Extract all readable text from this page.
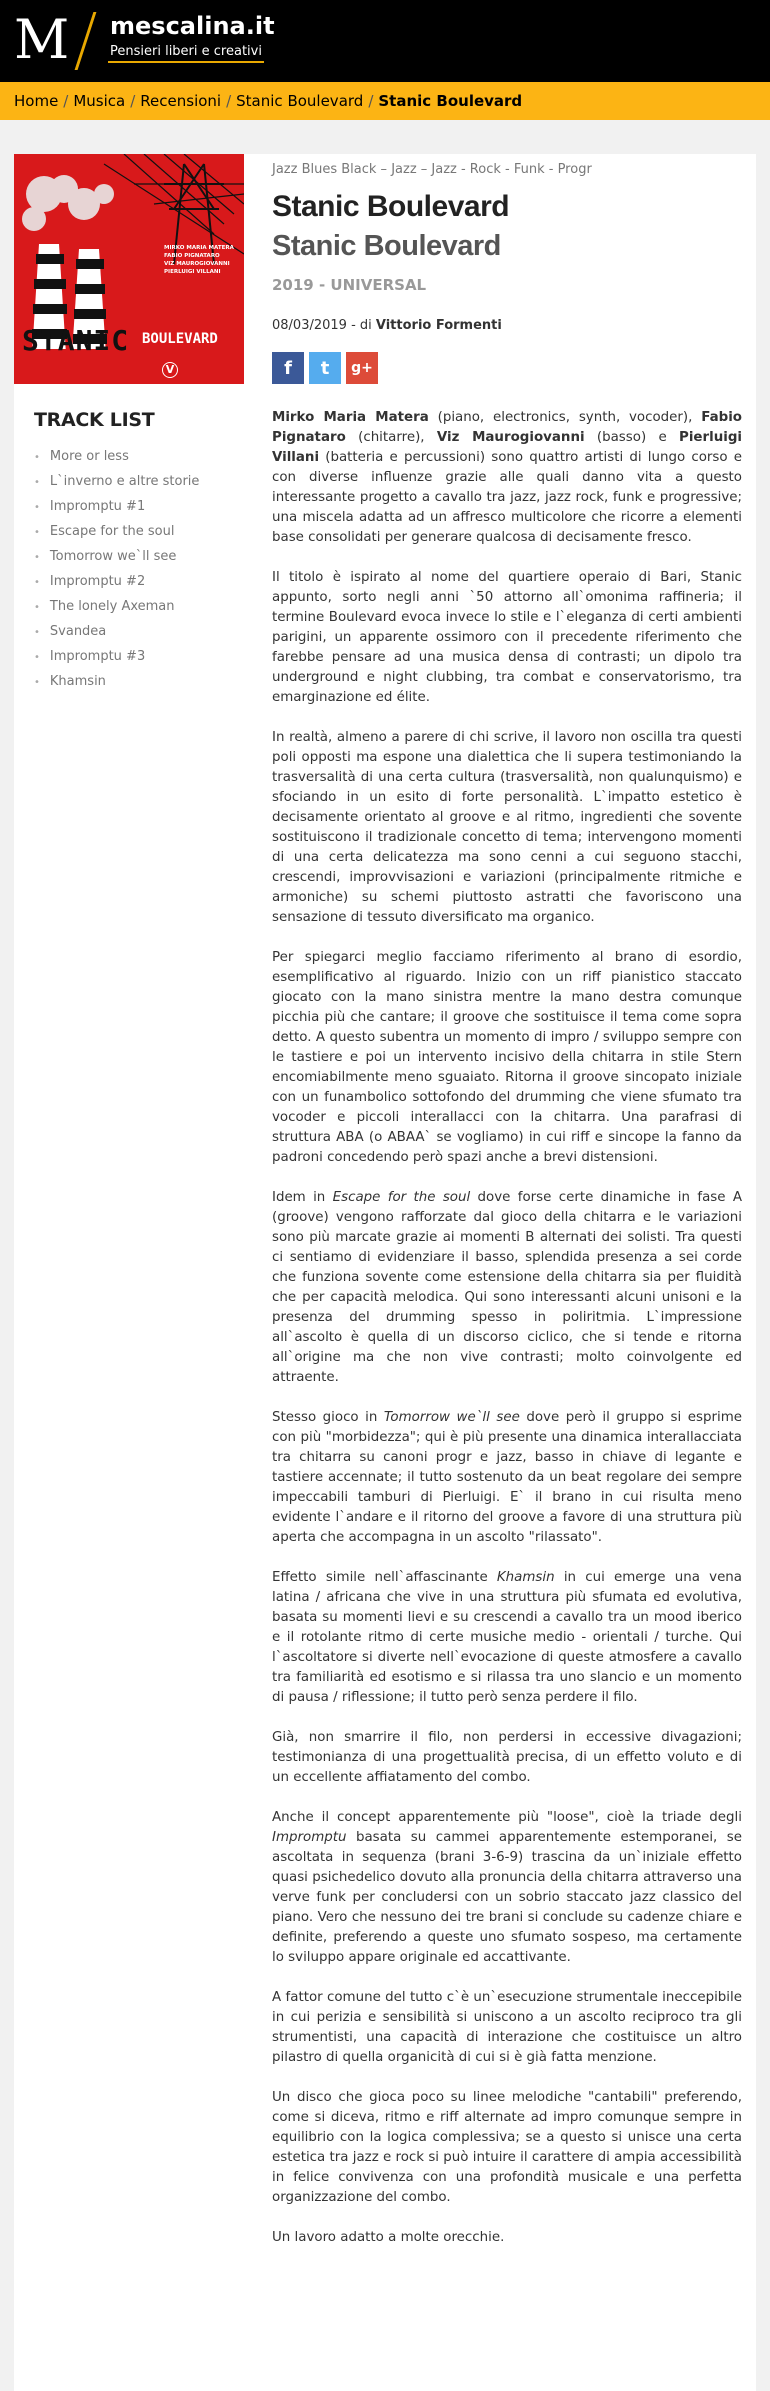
M mescalina.it
Pensieri liberi e creativi
Home / Musica / Recensioni / Stanic Boulevard / Stanic Boulevard
MIRKO MARIA MATERA
FABIO PIGNATARO
VIZ MAUROGIOVANNI
PIERLUIGI VILLANI
STANIC BOULEVARD
V
TRACK LIST
• More or less
• L`inverno e altre storie
• Impromptu #1
• Escape for the soul
• Tomorrow we`ll see
• Impromptu #2
• The lonely Axeman
• Svandea
• Impromptu #3
• Khamsin
Jazz Blues Black – Jazz – Jazz - Rock - Funk - Progr
Stanic Boulevard
Stanic Boulevard
2019 - UNIVERSAL
08/03/2019 - di Vittorio Formenti
f	t	g+

Mirko Maria Matera (piano, electronics, synth, vocoder), Fabio Pignataro (chitarre), Viz Maurogiovanni (basso) e Pierluigi Villani (batteria e percussioni) sono quattro artisti di lungo corso e con diverse influenze grazie alle quali danno vita a questo interessante progetto a cavallo tra jazz, jazz rock, funk e progressive; una miscela adatta ad un affresco multicolore che ricorre a elementi base consolidati per generare qualcosa di decisamente fresco.

Il titolo è ispirato al nome del quartiere operaio di Bari, Stanic appunto, sorto negli anni `50 attorno all`omonima raffineria; il termine Boulevard evoca invece lo stile e l`eleganza di certi ambienti parigini, un apparente ossimoro con il precedente riferimento che farebbe pensare ad una musica densa di contrasti; un dipolo tra underground e night clubbing, tra combat e conservatorismo, tra emarginazione ed élite.

In realtà, almeno a parere di chi scrive, il lavoro non oscilla tra questi poli opposti ma espone una dialettica che li supera testimoniando la trasversalità di una certa cultura (trasversalità, non qualunquismo) e sfociando in un esito di forte personalità. L`impatto estetico è decisamente orientato al groove e al ritmo, ingredienti che sovente sostituiscono il tradizionale concetto di tema; intervengono momenti di una certa delicatezza ma sono cenni a cui seguono stacchi, crescendi, improvvisazioni e variazioni (principalmente ritmiche e armoniche) su schemi piuttosto astratti che favoriscono una sensazione di tessuto diversificato ma organico.

Per spiegarci meglio facciamo riferimento al brano di esordio, esemplificativo al riguardo. Inizio con un riff pianistico staccato giocato con la mano sinistra mentre la mano destra comunque picchia più che cantare; il groove che sostituisce il tema come sopra detto. A questo subentra un momento di impro / sviluppo sempre con le tastiere e poi un intervento incisivo della chitarra in stile Stern encomiabilmente meno sguaiato. Ritorna il groove sincopato iniziale con un funambolico sottofondo del drumming che viene sfumato tra vocoder e piccoli interallacci con la chitarra. Una parafrasi di struttura ABA (o ABAA` se vogliamo) in cui riff e sincope la fanno da padroni concedendo però spazi anche a brevi distensioni.

Idem in Escape for the soul dove forse certe dinamiche in fase A (groove) vengono rafforzate dal gioco della chitarra e le variazioni sono più marcate grazie ai momenti B alternati dei solisti. Tra questi ci sentiamo di evidenziare il basso, splendida presenza a sei corde che funziona sovente come estensione della chitarra sia per fluidità che per capacità melodica. Qui sono interessanti alcuni unisoni e la presenza del drumming spesso in poliritmia. L`impressione all`ascolto è quella di un discorso ciclico, che si tende e ritorna all`origine ma che non vive contrasti; molto coinvolgente ed attraente.

Stesso gioco in Tomorrow we`ll see dove però il gruppo si esprime con più "morbidezza"; qui è più presente una dinamica interallacciata tra chitarra su canoni progr e jazz, basso in chiave di legante e tastiere accennate; il tutto sostenuto da un beat regolare dei sempre impeccabili tamburi di Pierluigi. E` il brano in cui risulta meno evidente l`andare e il ritorno del groove a favore di una struttura più aperta che accompagna in un ascolto "rilassato".

Effetto simile nell`affascinante Khamsin in cui emerge una vena latina / africana che vive in una struttura più sfumata ed evolutiva, basata su momenti lievi e su crescendi a cavallo tra un mood iberico e il rotolante ritmo di certe musiche medio - orientali / turche. Qui l`ascoltatore si diverte nell`evocazione di queste atmosfere a cavallo tra familiarità ed esotismo e si rilassa tra uno slancio e un momento di pausa / riflessione; il tutto però senza perdere il filo.

Già, non smarrire il filo, non perdersi in eccessive divagazioni; testimonianza di una progettualità precisa, di un effetto voluto e di un eccellente affiatamento del combo.

Anche il concept apparentemente più "loose", cioè la triade degli Impromptu basata su cammei apparentemente estemporanei, se ascoltata in sequenza (brani 3-6-9) trascina da un`iniziale effetto quasi psichedelico dovuto alla pronuncia della chitarra attraverso una verve funk per concludersi con un sobrio staccato jazz classico del piano. Vero che nessuno dei tre brani si conclude su cadenze chiare e definite, preferendo a queste uno sfumato sospeso, ma certamente lo sviluppo appare originale ed accattivante.

A fattor comune del tutto c`è un`esecuzione strumentale ineccepibile in cui perizia e sensibilità si uniscono a un ascolto reciproco tra gli strumentisti, una capacità di interazione che costituisce un altro pilastro di quella organicità di cui si è già fatta menzione.

Un disco che gioca poco su linee melodiche "cantabili" preferendo, come si diceva, ritmo e riff alternate ad impro comunque sempre in equilibrio con la logica complessiva; se a questo si unisce una certa estetica tra jazz e rock si può intuire il carattere di ampia accessibilità in felice convivenza con una profondità musicale e una perfetta organizzazione del combo.

Un lavoro adatto a molte orecchie.
